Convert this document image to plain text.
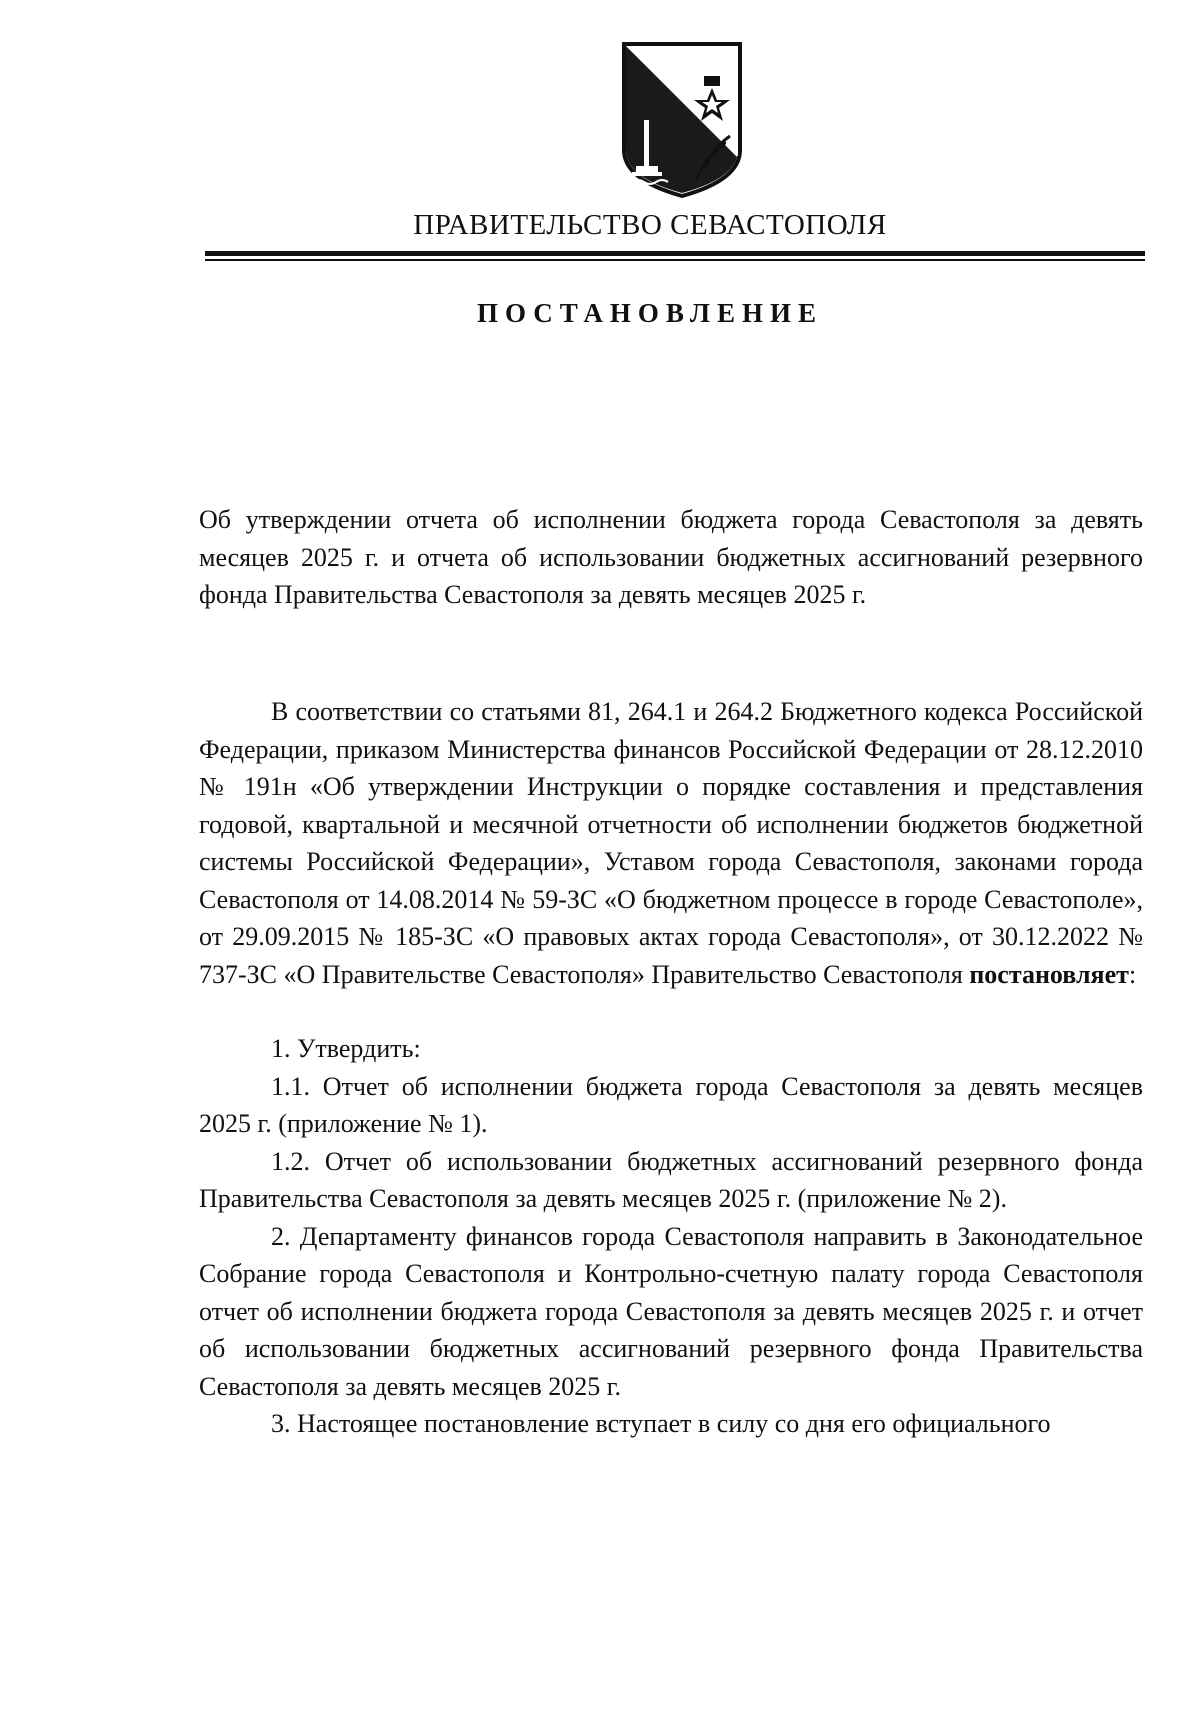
ПРАВИТЕЛЬСТВО СЕВАСТОПОЛЯ
ПОСТАНОВЛЕНИЕ

Об утверждении отчета об исполнении бюджета города Севастополя за девять месяцев 2025 г. и отчета об использовании бюджетных ассигнований резервного фонда Правительства Севастополя за девять месяцев 2025 г.

В соответствии со статьями 81, 264.1 и 264.2 Бюджетного кодекса Российской Федерации, приказом Министерства финансов Российской Федерации от 28.12.2010 № 191н «Об утверждении Инструкции о порядке составления и представления годовой, квартальной и месячной отчетности об исполнении бюджетов бюджетной системы Российской Федерации», Уставом города Севастополя, законами города Севастополя от 14.08.2014 № 59-ЗС «О бюджетном процессе в городе Севастополе», от 29.09.2015 № 185-ЗС «О правовых актах города Севастополя», от 30.12.2022 № 737-ЗС «О Правительстве Севастополя» Правительство Севастополя постановляет:

1. Утвердить:

1.1. Отчет об исполнении бюджета города Севастополя за девять месяцев 2025 г. (приложение № 1).

1.2. Отчет об использовании бюджетных ассигнований резервного фонда Правительства Севастополя за девять месяцев 2025 г. (приложение № 2).

2. Департаменту финансов города Севастополя направить в Законодательное Собрание города Севастополя и Контрольно-счетную палату города Севастополя отчет об исполнении бюджета города Севастополя за девять месяцев 2025 г. и отчет об использовании бюджетных ассигнований резервного фонда Правительства Севастополя за девять месяцев 2025 г.

3. Настоящее постановление вступает в силу со дня его официального
